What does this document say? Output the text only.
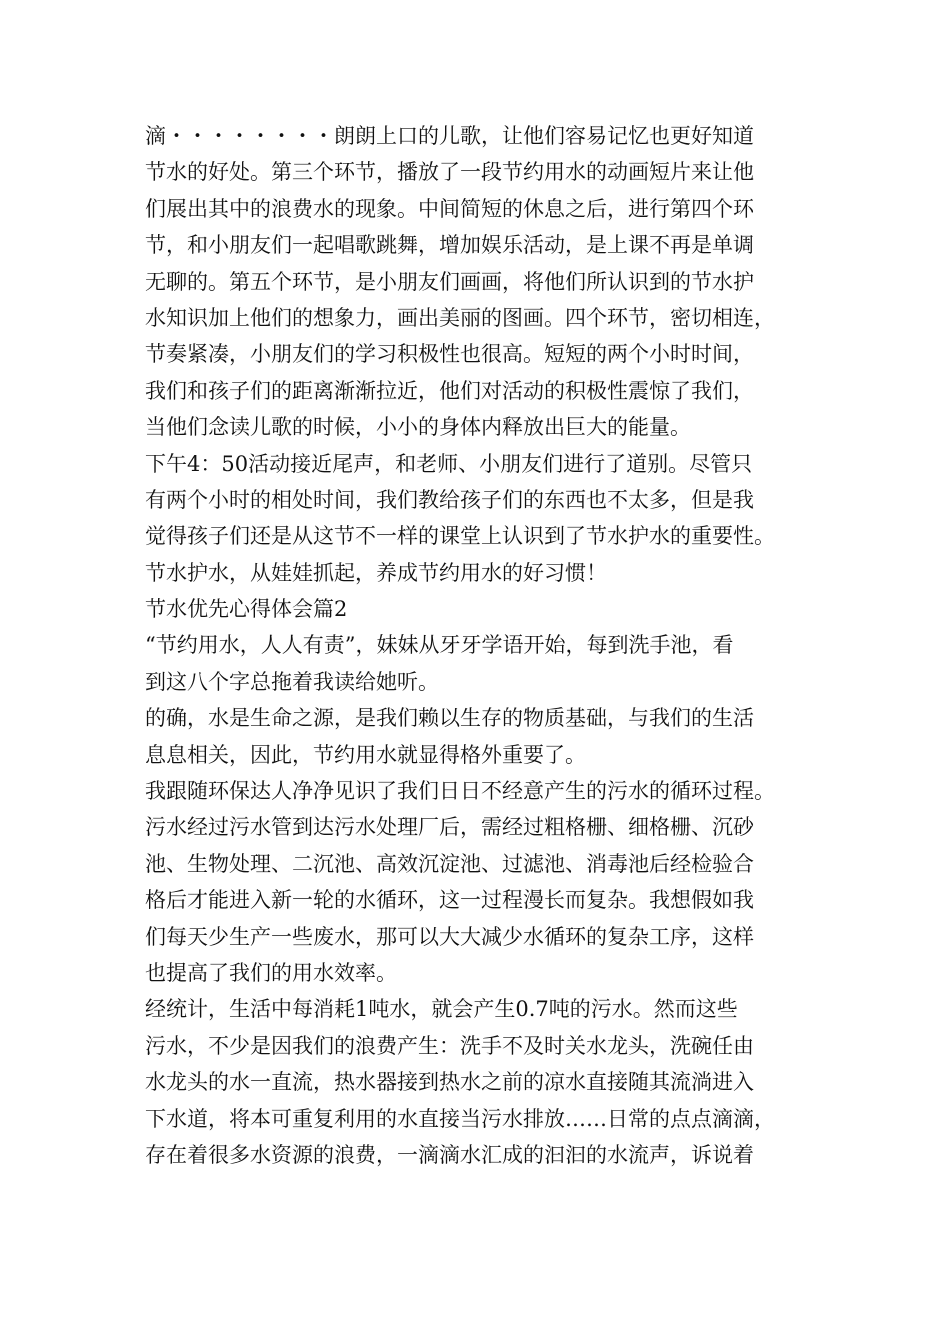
滴・・・・・・・・朗朗上口的儿歌，让他们容易记忆也更好知道
节水的好处。第三个环节，播放了一段节约用水的动画短片来让他
们展出其中的浪费水的现象。中间简短的休息之后，进行第四个环
节，和小朋友们一起唱歌跳舞，增加娱乐活动，是上课不再是单调
无聊的。第五个环节，是小朋友们画画，将他们所认识到的节水护
水知识加上他们的想象力，画出美丽的图画。四个环节，密切相连，
节奏紧凑，小朋友们的学习积极性也很高。短短的两个小时时间，
我们和孩子们的距离渐渐拉近，他们对活动的积极性震惊了我们，
当他们念读儿歌的时候，小小的身体内释放出巨大的能量。
下午4：50活动接近尾声，和老师、小朋友们进行了道别。尽管只
有两个小时的相处时间，我们教给孩子们的东西也不太多，但是我
觉得孩子们还是从这节不一样的课堂上认识到了节水护水的重要性。
节水护水，从娃娃抓起，养成节约用水的好习惯！
节水优先心得体会篇2
“节约用水，人人有责”，妹妹从牙牙学语开始，每到洗手池，看
到这八个字总拖着我读给她听。
的确，水是生命之源，是我们赖以生存的物质基础，与我们的生活
息息相关，因此，节约用水就显得格外重要了。
我跟随环保达人净净见识了我们日日不经意产生的污水的循环过程。
污水经过污水管到达污水处理厂后，需经过粗格栅、细格栅、沉砂
池、生物处理、二沉池、高效沉淀池、过滤池、消毒池后经检验合
格后才能进入新一轮的水循环，这一过程漫长而复杂。我想假如我
们每天少生产一些废水，那可以大大减少水循环的复杂工序，这样
也提高了我们的用水效率。
经统计，生活中每消耗1吨水，就会产生0.7吨的污水。然而这些
污水，不少是因我们的浪费产生：洗手不及时关水龙头，洗碗任由
水龙头的水一直流，热水器接到热水之前的凉水直接随其流淌进入
下水道，将本可重复利用的水直接当污水排放……日常的点点滴滴，
存在着很多水资源的浪费，一滴滴水汇成的汩汩的水流声，诉说着
